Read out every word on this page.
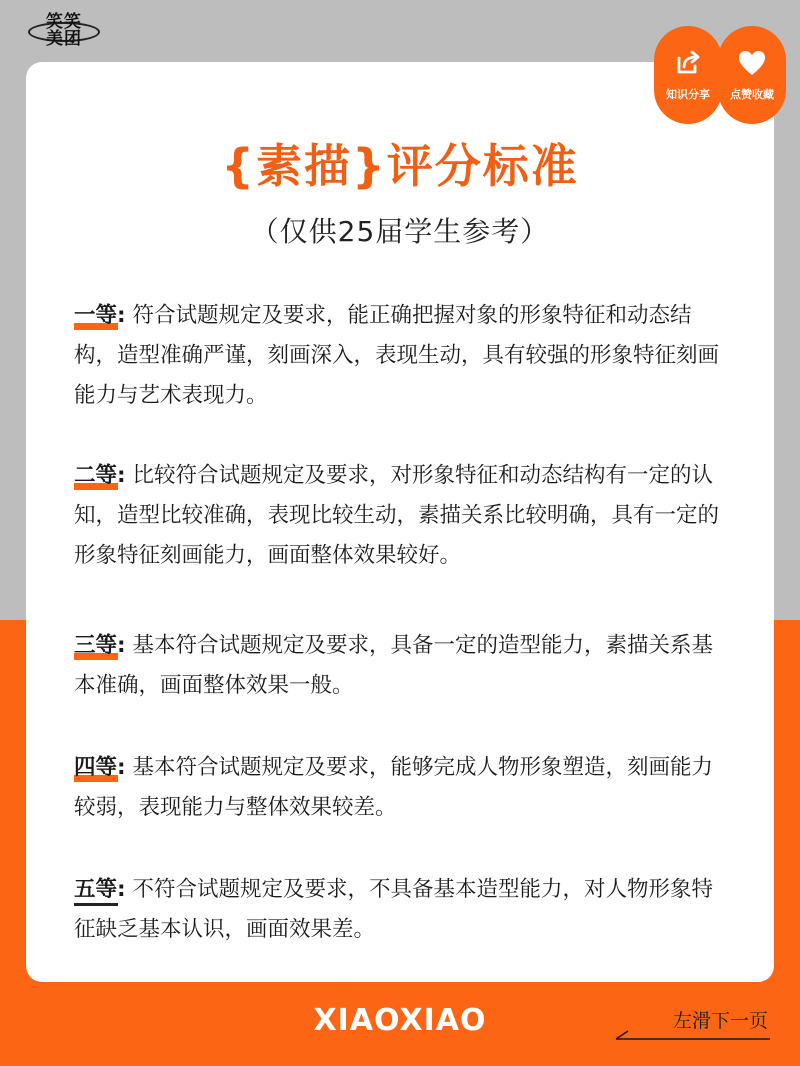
笑笑
美团
知识分享 点赞收藏
{素描}评分标准
（仅供25届学生参考）
一等: 符合试题规定及要求，能正确把握对象的形象特征和动态结构，造型准确严谨，刻画深入，表现生动，具有较强的形象特征刻画能力与艺术表现力。
二等: 比较符合试题规定及要求，对形象特征和动态结构有一定的认知，造型比较准确，表现比较生动，素描关系比较明确，具有一定的形象特征刻画能力，画面整体效果较好。
三等: 基本符合试题规定及要求，具备一定的造型能力，素描关系基本准确，画面整体效果一般。
四等: 基本符合试题规定及要求，能够完成人物形象塑造，刻画能力较弱，表现能力与整体效果较差。
五等: 不符合试题规定及要求，不具备基本造型能力，对人物形象特征缺乏基本认识，画面效果差。
XIAOXIAO	左滑下一页
